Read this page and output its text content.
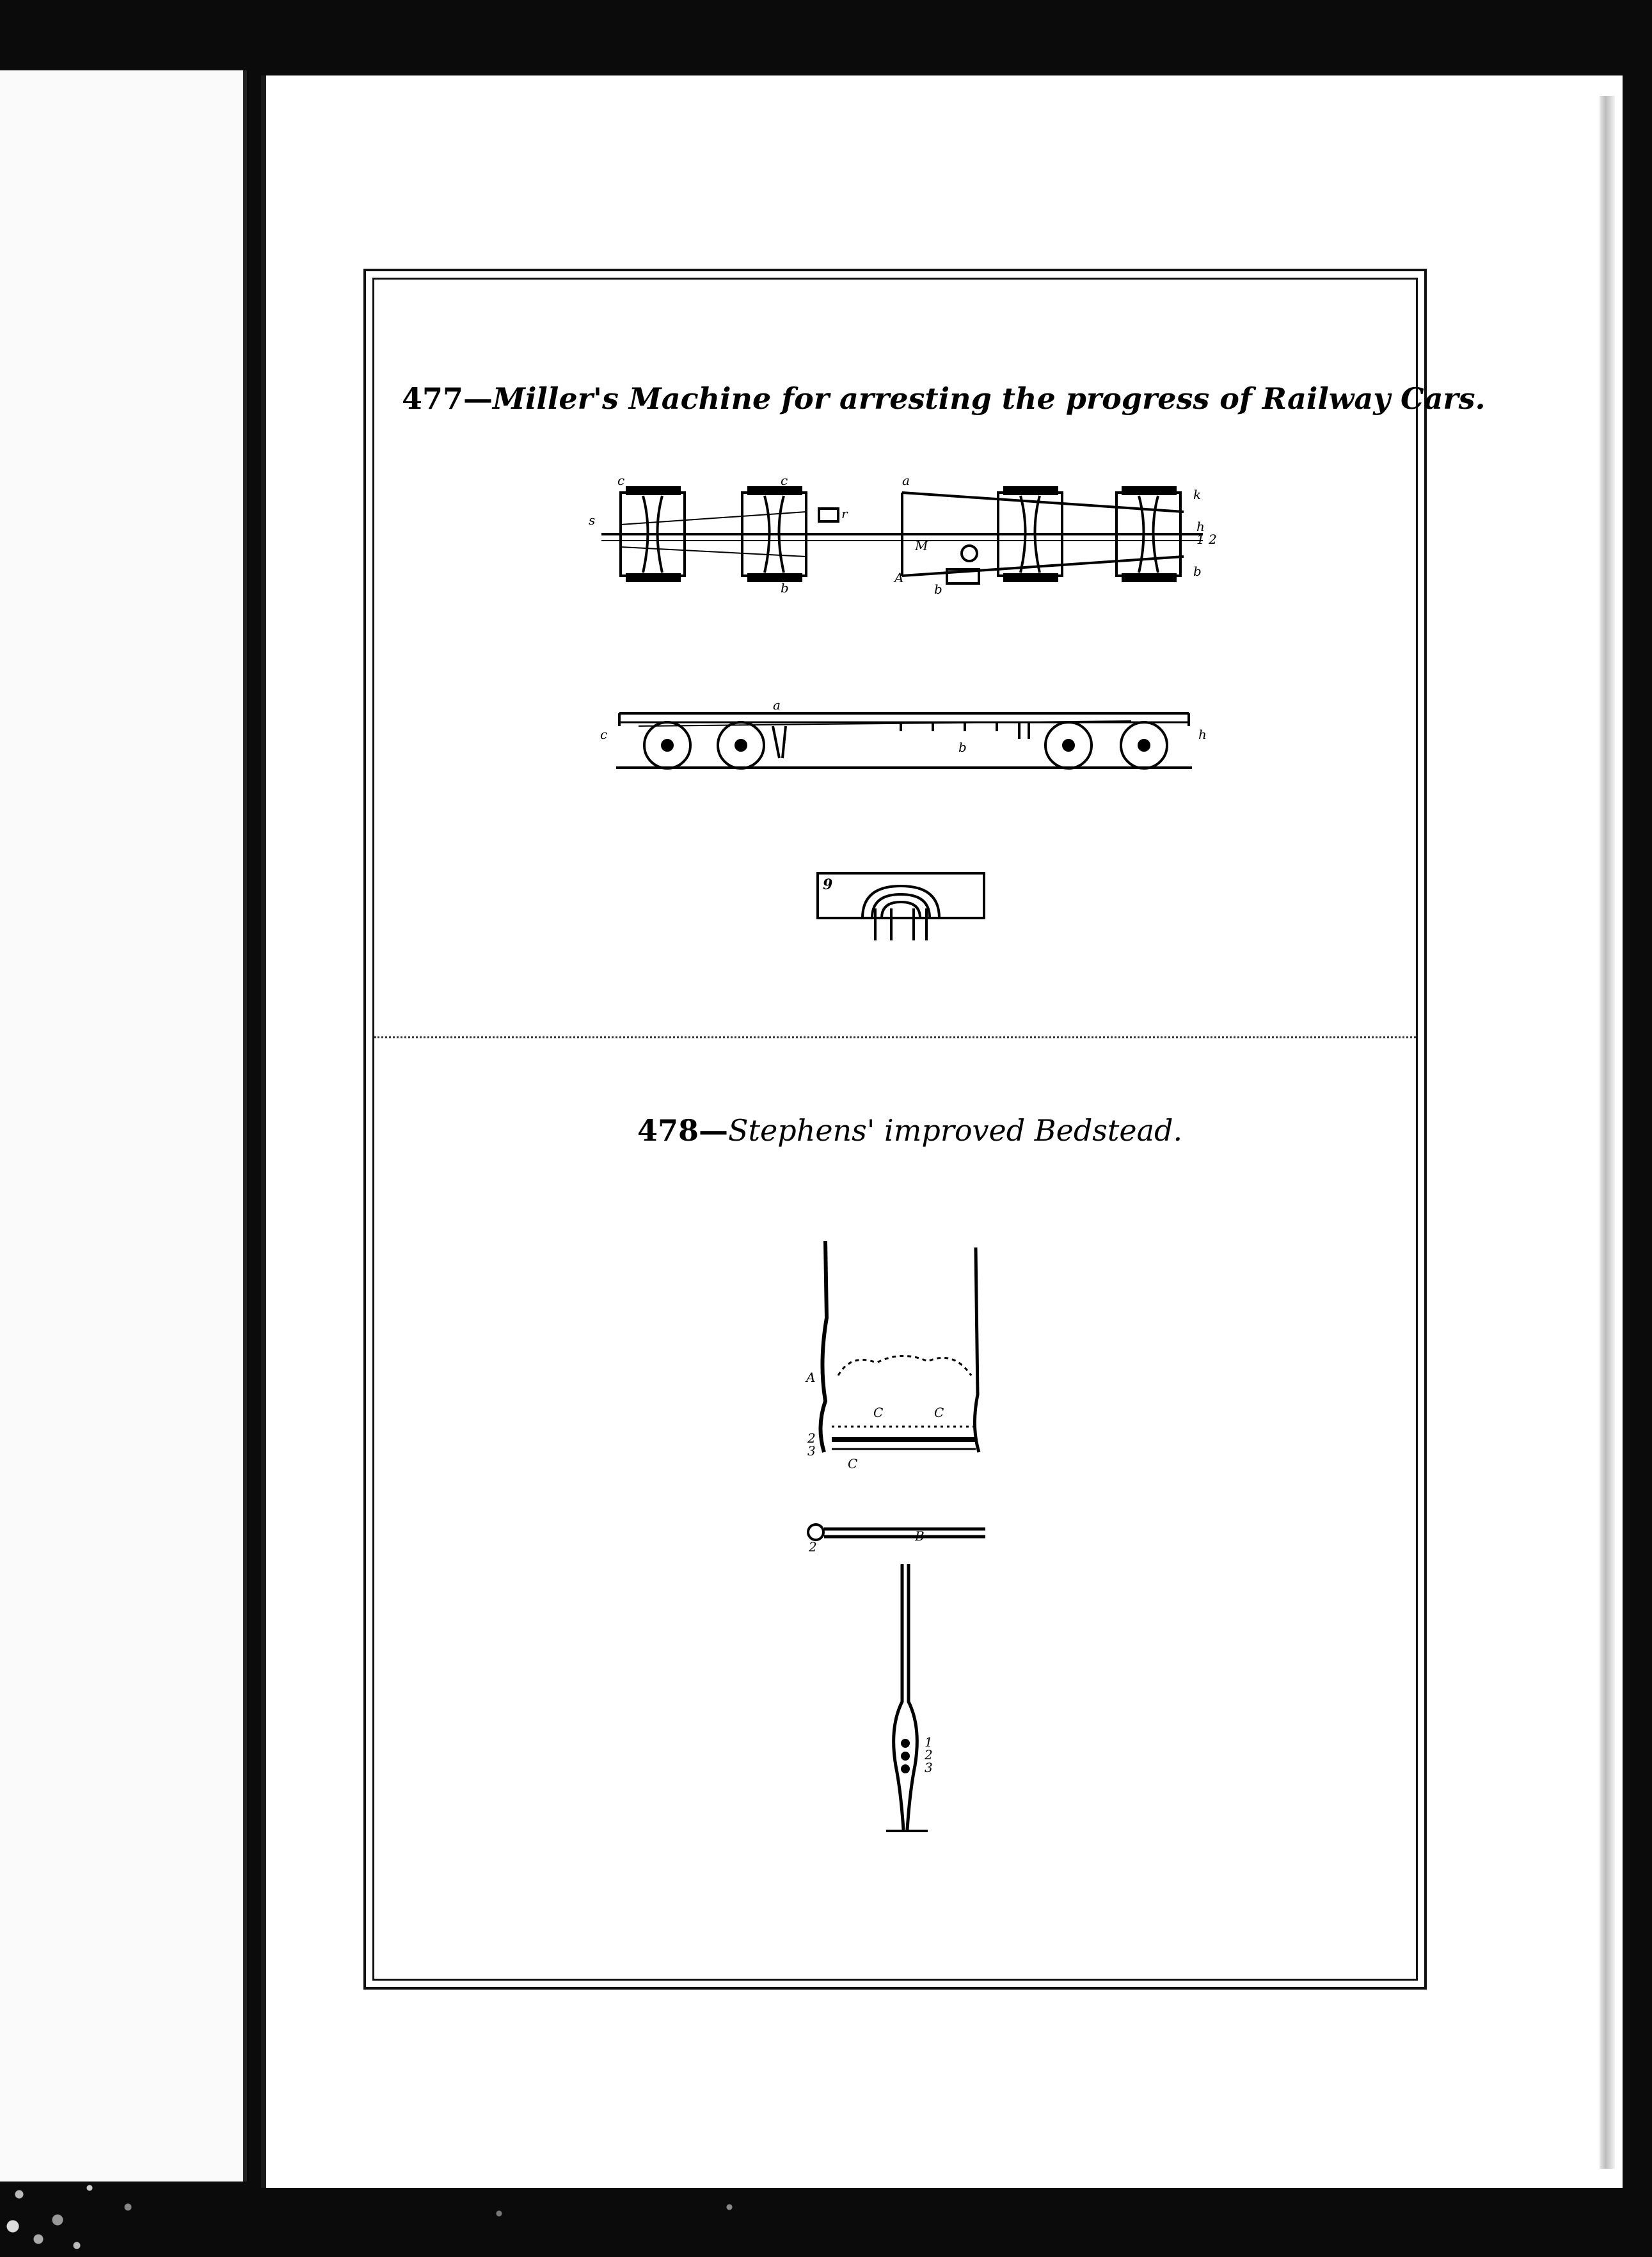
477—Miller's Machine for arresting the progress of Railway Cars.
c	c	a
b	b
r
A
M
k
b
h
s
1 2
c
a
b
h
9
478—Stephens' improved Bedstead.
A
C	C
2
3
C
B
2
1
2
3
